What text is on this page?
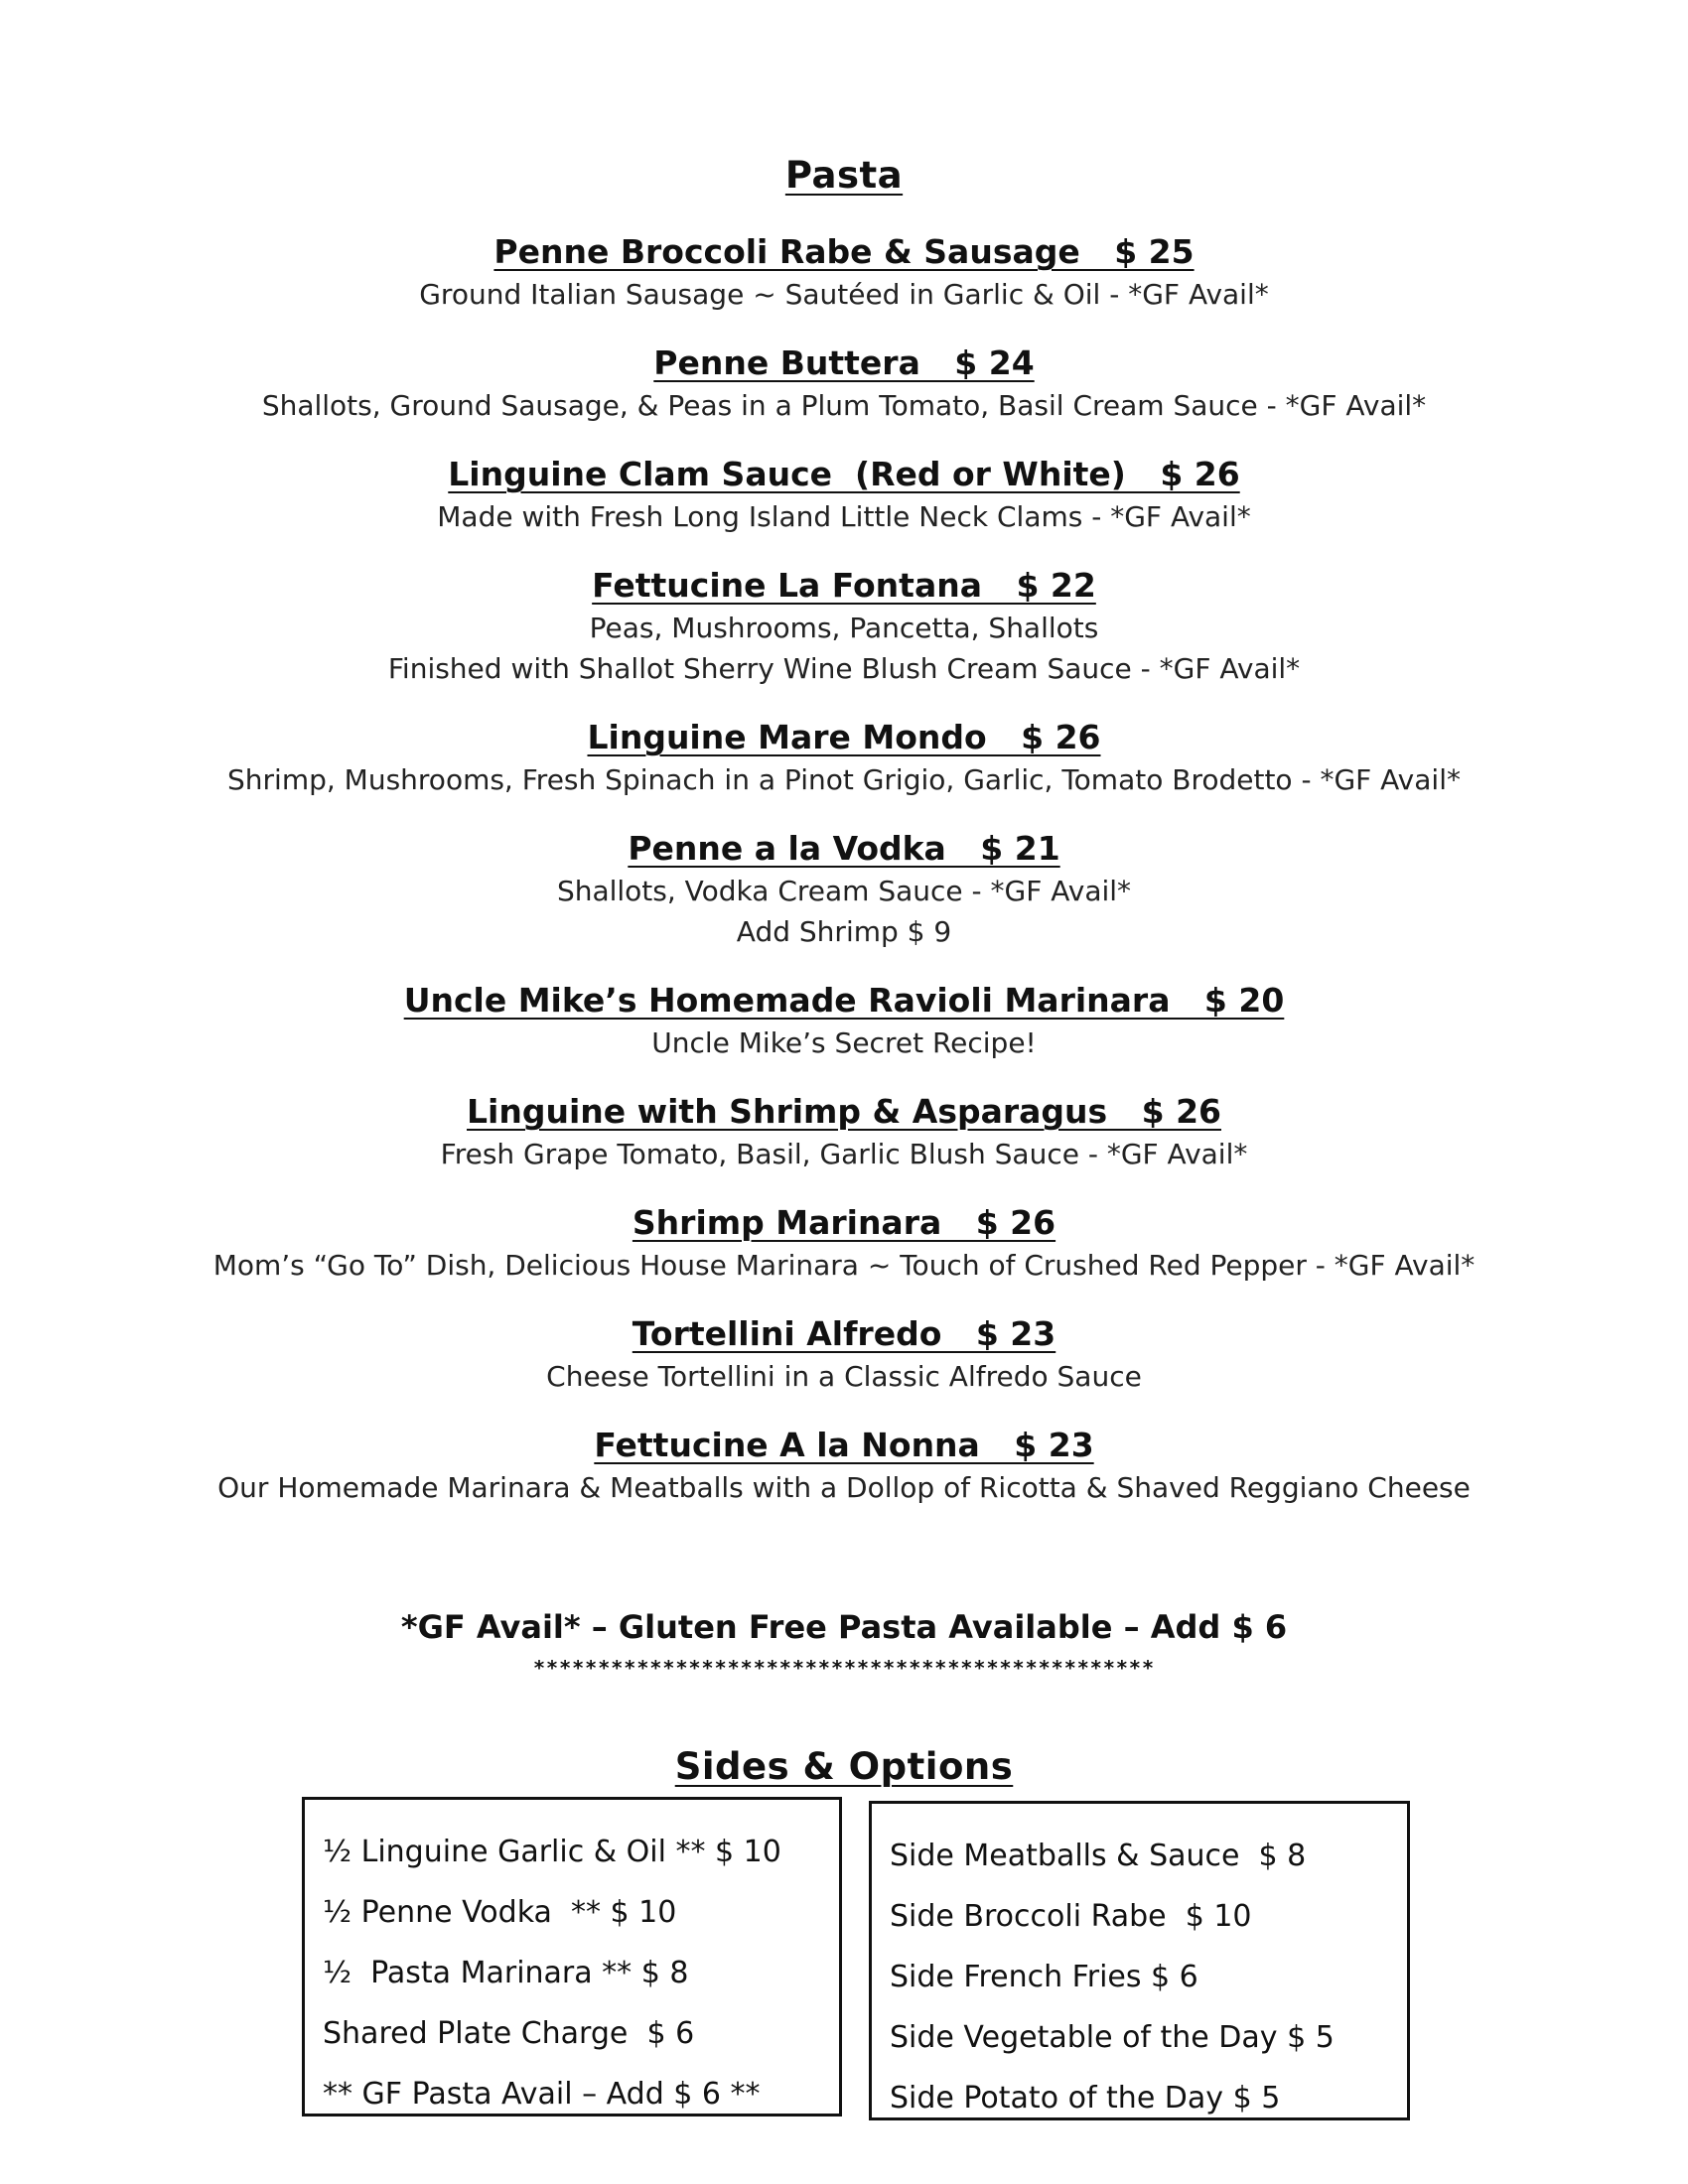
Pasta
Penne Broccoli Rabe & Sausage   $ 25
Ground Italian Sausage ~ Sautéed in Garlic & Oil - *GF Avail*
Penne Buttera   $ 24
Shallots, Ground Sausage, & Peas in a Plum Tomato, Basil Cream Sauce - *GF Avail*
Linguine Clam Sauce  (Red or White)   $ 26
Made with Fresh Long Island Little Neck Clams - *GF Avail*
Fettucine La Fontana   $ 22
Peas, Mushrooms, Pancetta, Shallots
Finished with Shallot Sherry Wine Blush Cream Sauce - *GF Avail*
Linguine Mare Mondo   $ 26
Shrimp, Mushrooms, Fresh Spinach in a Pinot Grigio, Garlic, Tomato Brodetto - *GF Avail*
Penne a la Vodka   $ 21
Shallots, Vodka Cream Sauce - *GF Avail*
Add Shrimp $ 9
Uncle Mike’s Homemade Ravioli Marinara   $ 20
Uncle Mike’s Secret Recipe!
Linguine with Shrimp & Asparagus   $ 26
Fresh Grape Tomato, Basil, Garlic Blush Sauce - *GF Avail*
Shrimp Marinara   $ 26
Mom’s “Go To” Dish, Delicious House Marinara ~ Touch of Crushed Red Pepper - *GF Avail*
Tortellini Alfredo   $ 23
Cheese Tortellini in a Classic Alfredo Sauce
Fettucine A la Nonna   $ 23
Our Homemade Marinara & Meatballs with a Dollop of Ricotta & Shaved Reggiano Cheese
*GF Avail* – Gluten Free Pasta Available – Add $ 6
************************************************
Sides & Options
½ Linguine Garlic & Oil ** $ 10
½ Penne Vodka  ** $ 10
½  Pasta Marinara ** $ 8
Shared Plate Charge  $ 6
** GF Pasta Avail – Add $ 6 **
Side Meatballs & Sauce  $ 8
Side Broccoli Rabe  $ 10
Side French Fries $ 6
Side Vegetable of the Day $ 5
Side Potato of the Day $ 5
